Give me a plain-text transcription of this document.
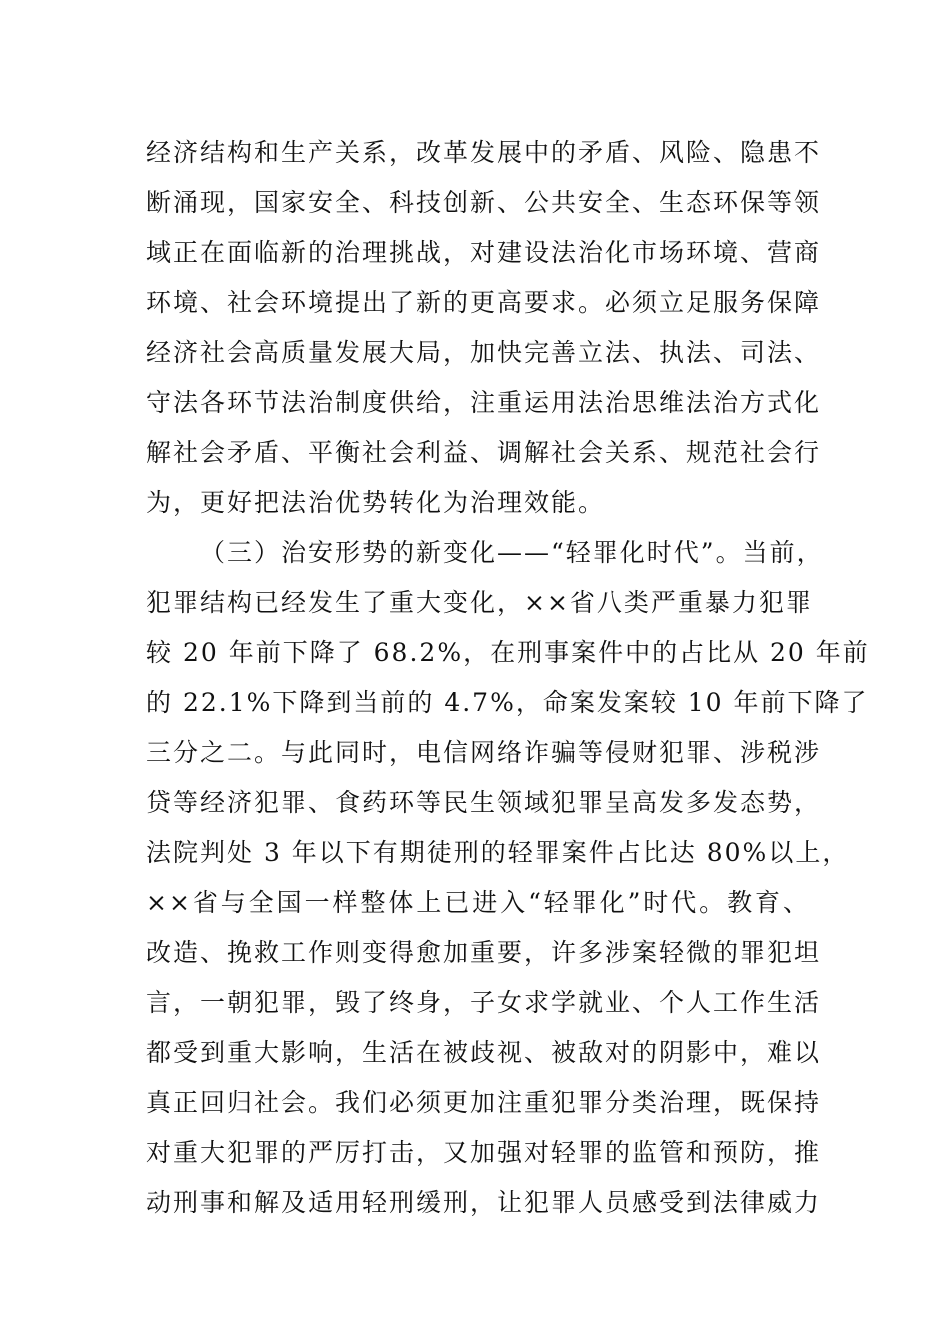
经济结构和生产关系，改革发展中的矛盾、风险、隐患不
断涌现，国家安全、科技创新、公共安全、生态环保等领
域正在面临新的治理挑战，对建设法治化市场环境、营商
环境、社会环境提出了新的更高要求。必须立足服务保障
经济社会高质量发展大局，加快完善立法、执法、司法、
守法各环节法治制度供给，注重运用法治思维法治方式化
解社会矛盾、平衡社会利益、调解社会关系、规范社会行
为，更好把法治优势转化为治理效能。
（三）治安形势的新变化——“轻罪化时代”。当前，
犯罪结构已经发生了重大变化，××省八类严重暴力犯罪
较 20 年前下降了 68.2%，在刑事案件中的占比从 20 年前
的 22.1%下降到当前的 4.7%，命案发案较 10 年前下降了
三分之二。与此同时，电信网络诈骗等侵财犯罪、涉税涉
贷等经济犯罪、食药环等民生领域犯罪呈高发多发态势，
法院判处 3 年以下有期徒刑的轻罪案件占比达 80%以上，
××省与全国一样整体上已进入“轻罪化”时代。教育、
改造、挽救工作则变得愈加重要，许多涉案轻微的罪犯坦
言，一朝犯罪，毁了终身，子女求学就业、个人工作生活
都受到重大影响，生活在被歧视、被敌对的阴影中，难以
真正回归社会。我们必须更加注重犯罪分类治理，既保持
对重大犯罪的严厉打击，又加强对轻罪的监管和预防，推
动刑事和解及适用轻刑缓刑，让犯罪人员感受到法律威力
